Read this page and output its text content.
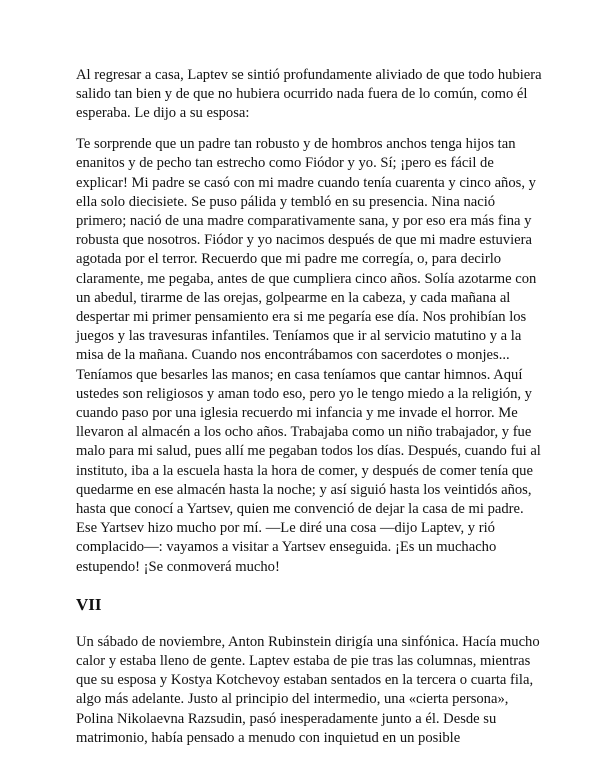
Al regresar a casa, Laptev se sintió profundamente aliviado de que todo hubiera salido tan bien y de que no hubiera ocurrido nada fuera de lo común, como él esperaba. Le dijo a su esposa:

Te sorprende que un padre tan robusto y de hombros anchos tenga hijos tan enanitos y de pecho tan estrecho como Fiódor y yo. Sí; ¡pero es fácil de explicar! Mi padre se casó con mi madre cuando tenía cuarenta y cinco años, y ella solo diecisiete. Se puso pálida y tembló en su presencia. Nina nació primero; nació de una madre comparativamente sana, y por eso era más fina y robusta que nosotros. Fiódor y yo nacimos después de que mi madre estuviera agotada por el terror. Recuerdo que mi padre me corregía, o, para decirlo claramente, me pegaba, antes de que cumpliera cinco años. Solía azotarme con un abedul, tirarme de las orejas, golpearme en la cabeza, y cada mañana al despertar mi primer pensamiento era si me pegaría ese día. Nos prohibían los juegos y las travesuras infantiles. Teníamos que ir al servicio matutino y a la misa de la mañana. Cuando nos encontrábamos con sacerdotes o monjes... Teníamos que besarles las manos; en casa teníamos que cantar himnos. Aquí ustedes son religiosos y aman todo eso, pero yo le tengo miedo a la religión, y cuando paso por una iglesia recuerdo mi infancia y me invade el horror. Me llevaron al almacén a los ocho años. Trabajaba como un niño trabajador, y fue malo para mi salud, pues allí me pegaban todos los días. Después, cuando fui al instituto, iba a la escuela hasta la hora de comer, y después de comer tenía que quedarme en ese almacén hasta la noche; y así siguió hasta los veintidós años, hasta que conocí a Yartsev, quien me convenció de dejar la casa de mi padre. Ese Yartsev hizo mucho por mí. —Le diré una cosa —dijo Laptev, y rió complacido—: vayamos a visitar a Yartsev enseguida. ¡Es un muchacho estupendo! ¡Se conmoverá mucho!

VII

Un sábado de noviembre, Anton Rubinstein dirigía una sinfónica. Hacía mucho calor y estaba lleno de gente. Laptev estaba de pie tras las columnas, mientras que su esposa y Kostya Kotchevoy estaban sentados en la tercera o cuarta fila, algo más adelante. Justo al principio del intermedio, una «cierta persona», Polina Nikolaevna Razsudin, pasó inesperadamente junto a él. Desde su matrimonio, había pensado a menudo con inquietud en un posible
